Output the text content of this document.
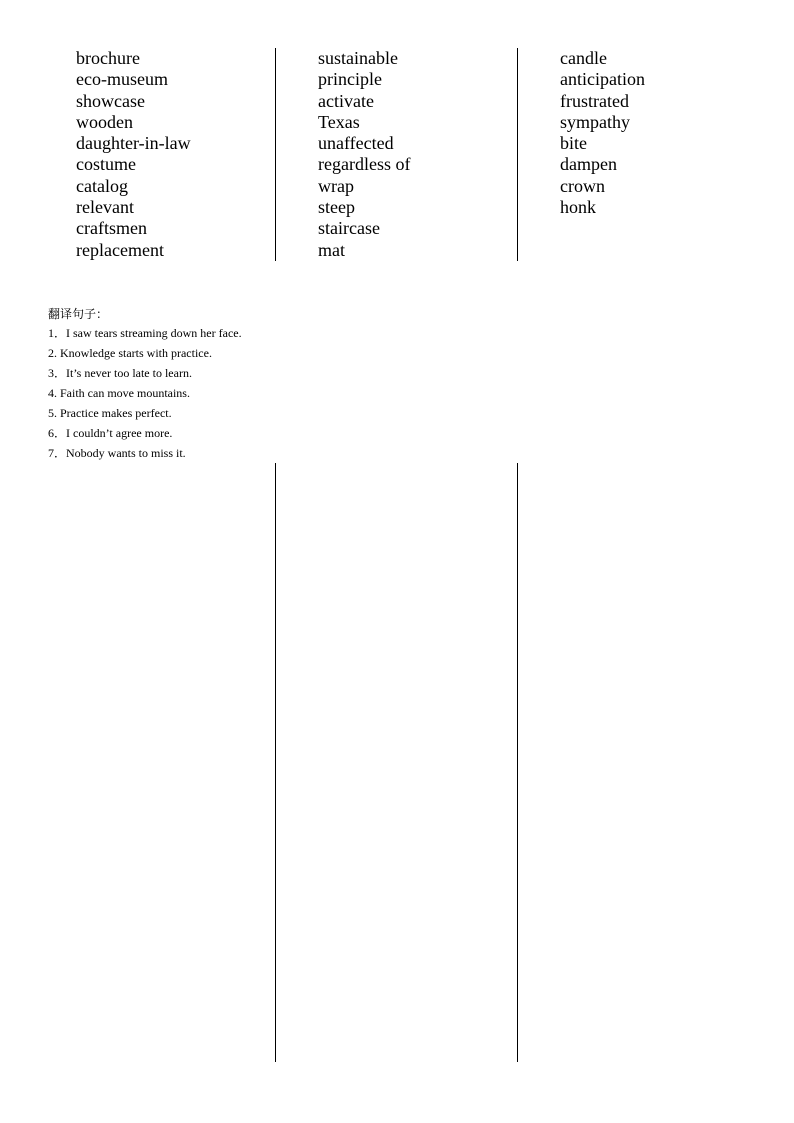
brochure
eco-museum
showcase
wooden
daughter-in-law
costume
catalog
relevant
craftsmen
replacement
sustainable
principle
activate
Texas
unaffected
regardless of
wrap
steep
staircase
mat
candle
anticipation
frustrated
sympathy
bite
dampen
crown
honk
翻译句子：
1．I saw tears streaming down her face.
2. Knowledge starts with practice.
3．It’s never too late to learn.
4. Faith can move mountains.
5. Practice makes perfect.
6．I couldn’t agree more.
7．Nobody wants to miss it.
